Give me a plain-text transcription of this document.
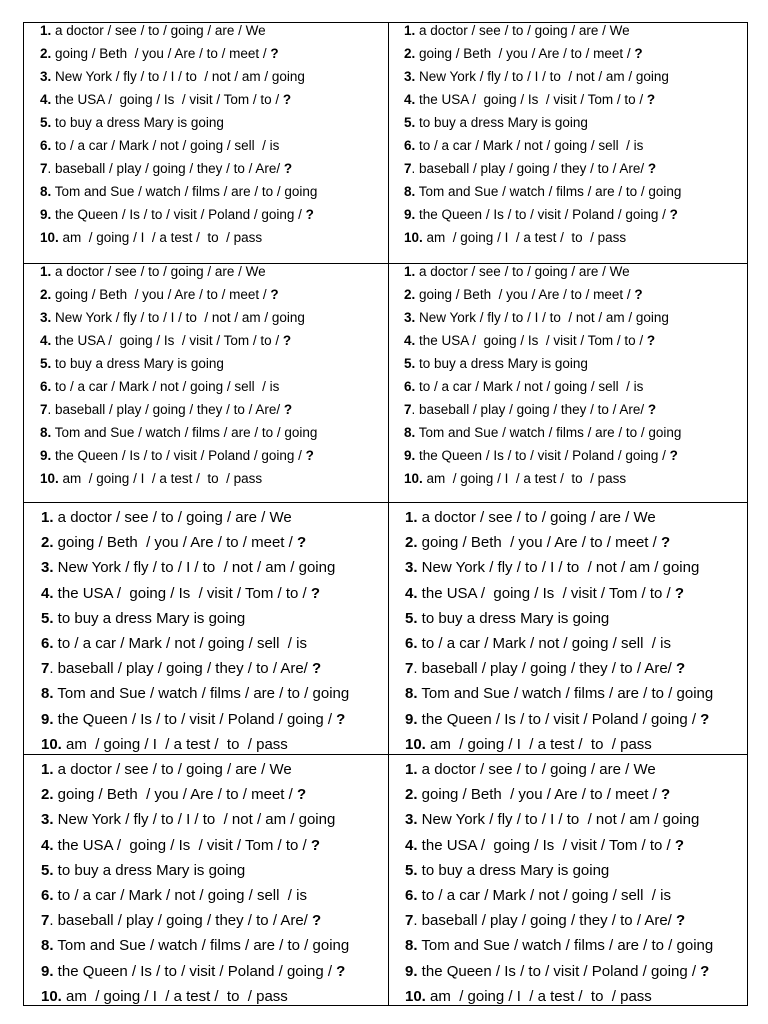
1. a doctor / see / to / going / are / We
2. going / Beth  / you / Are / to / meet / ?
3. New York / fly / to / I / to  / not / am / going
4. the USA /  going / Is  / visit / Tom / to / ?
5. to buy a dress Mary is going
6. to / a car / Mark / not / going / sell  / is
7. baseball / play / going / they / to / Are/ ?
8. Tom and Sue / watch / films / are / to / going
9. the Queen / Is / to / visit / Poland / going / ?
10. am  / going / I  / a test /  to  / pass
1. a doctor / see / to / going / are / We
2. going / Beth  / you / Are / to / meet / ?
3. New York / fly / to / I / to  / not / am / going
4. the USA /  going / Is  / visit / Tom / to / ?
5. to buy a dress Mary is going
6. to / a car / Mark / not / going / sell  / is
7. baseball / play / going / they / to / Are/ ?
8. Tom and Sue / watch / films / are / to / going
9. the Queen / Is / to / visit / Poland / going / ?
10. am  / going / I  / a test /  to  / pass
1. a doctor / see / to / going / are / We
2. going / Beth  / you / Are / to / meet / ?
3. New York / fly / to / I / to  / not / am / going
4. the USA /  going / Is  / visit / Tom / to / ?
5. to buy a dress Mary is going
6. to / a car / Mark / not / going / sell  / is
7. baseball / play / going / they / to / Are/ ?
8. Tom and Sue / watch / films / are / to / going
9. the Queen / Is / to / visit / Poland / going / ?
10. am  / going / I  / a test /  to  / pass
1. a doctor / see / to / going / are / We
2. going / Beth  / you / Are / to / meet / ?
3. New York / fly / to / I / to  / not / am / going
4. the USA /  going / Is  / visit / Tom / to / ?
5. to buy a dress Mary is going
6. to / a car / Mark / not / going / sell  / is
7. baseball / play / going / they / to / Are/ ?
8. Tom and Sue / watch / films / are / to / going
9. the Queen / Is / to / visit / Poland / going / ?
10. am  / going / I  / a test /  to  / pass
1. a doctor / see / to / going / are / We
2. going / Beth  / you / Are / to / meet / ?
3. New York / fly / to / I / to  / not / am / going
4. the USA /  going / Is  / visit / Tom / to / ?
5. to buy a dress Mary is going
6. to / a car / Mark / not / going / sell  / is
7. baseball / play / going / they / to / Are/ ?
8. Tom and Sue / watch / films / are / to / going
9. the Queen / Is / to / visit / Poland / going / ?
10. am  / going / I  / a test /  to  / pass
1. a doctor / see / to / going / are / We
2. going / Beth  / you / Are / to / meet / ?
3. New York / fly / to / I / to  / not / am / going
4. the USA /  going / Is  / visit / Tom / to / ?
5. to buy a dress Mary is going
6. to / a car / Mark / not / going / sell  / is
7. baseball / play / going / they / to / Are/ ?
8. Tom and Sue / watch / films / are / to / going
9. the Queen / Is / to / visit / Poland / going / ?
10. am  / going / I  / a test /  to  / pass
1. a doctor / see / to / going / are / We
2. going / Beth  / you / Are / to / meet / ?
3. New York / fly / to / I / to  / not / am / going
4. the USA /  going / Is  / visit / Tom / to / ?
5. to buy a dress Mary is going
6. to / a car / Mark / not / going / sell  / is
7. baseball / play / going / they / to / Are/ ?
8. Tom and Sue / watch / films / are / to / going
9. the Queen / Is / to / visit / Poland / going / ?
10. am  / going / I  / a test /  to  / pass
1. a doctor / see / to / going / are / We
2. going / Beth  / you / Are / to / meet / ?
3. New York / fly / to / I / to  / not / am / going
4. the USA /  going / Is  / visit / Tom / to / ?
5. to buy a dress Mary is going
6. to / a car / Mark / not / going / sell  / is
7. baseball / play / going / they / to / Are/ ?
8. Tom and Sue / watch / films / are / to / going
9. the Queen / Is / to / visit / Poland / going / ?
10. am  / going / I  / a test /  to  / pass
